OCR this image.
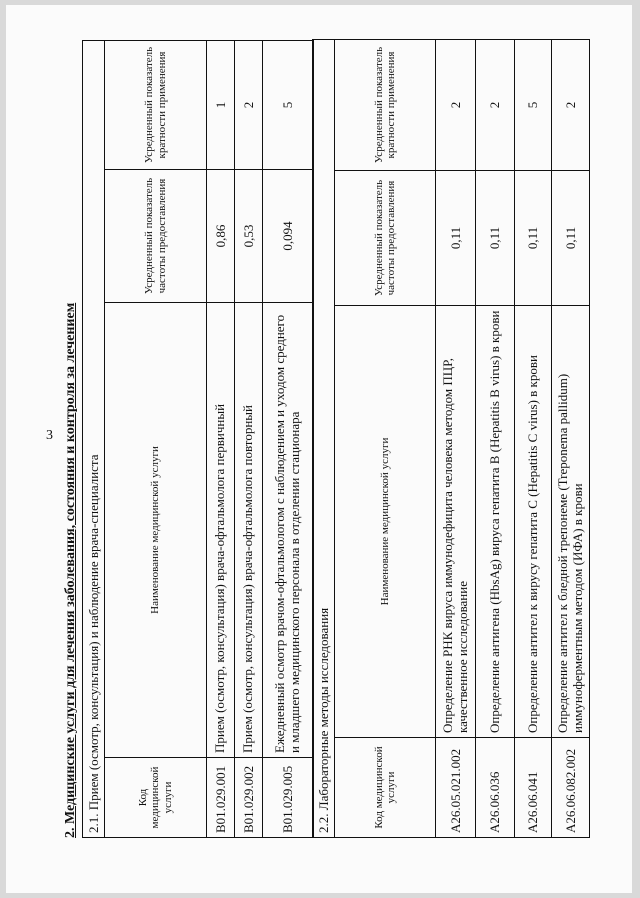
3 2. Медицинские услуги для лечения заболевания, состояния и контроля за лечением 2.1. Прием (осмотр, консультация) и наблюдение врача-специалиста			
Код медицинской услуги	Наименование медицинской услуги	Усредненный показатель частоты предоставления	Усредненный показатель кратности применения
B01.029.001	Прием (осмотр, консультация) врача-офтальмолога первичный	0,86	1
B01.029.002	Прием (осмотр, консультация) врача-офтальмолога повторный	0,53	2
B01.029.005	Ежедневный осмотр врачом-офтальмологом с наблюдением и уходом среднего и младшего медицинского персонала в отделении стационара	0,094	5
2.2. Лабораторные методы исследования			
Код медицинской услуги	Наименование медицинской услуги	Усредненный показатель частоты предоставления	Усредненный показатель кратности применения
A26.05.021.002	Определение РНК вируса иммунодефицита человека методом ПЦР, качественное исследование	0,11	2
A26.06.036	Определение антигена (HbsAg) вируса гепатита B (Hepatitis B virus) в крови	0,11	2
A26.06.041	Определение антител к вирусу гепатита C (Hepatitis C virus) в крови	0,11	5
A26.06.082.002	Определение антител к бледной трепонеме (Treponema pallidum) иммуноферментным методом (ИФА) в крови	0,11	2
